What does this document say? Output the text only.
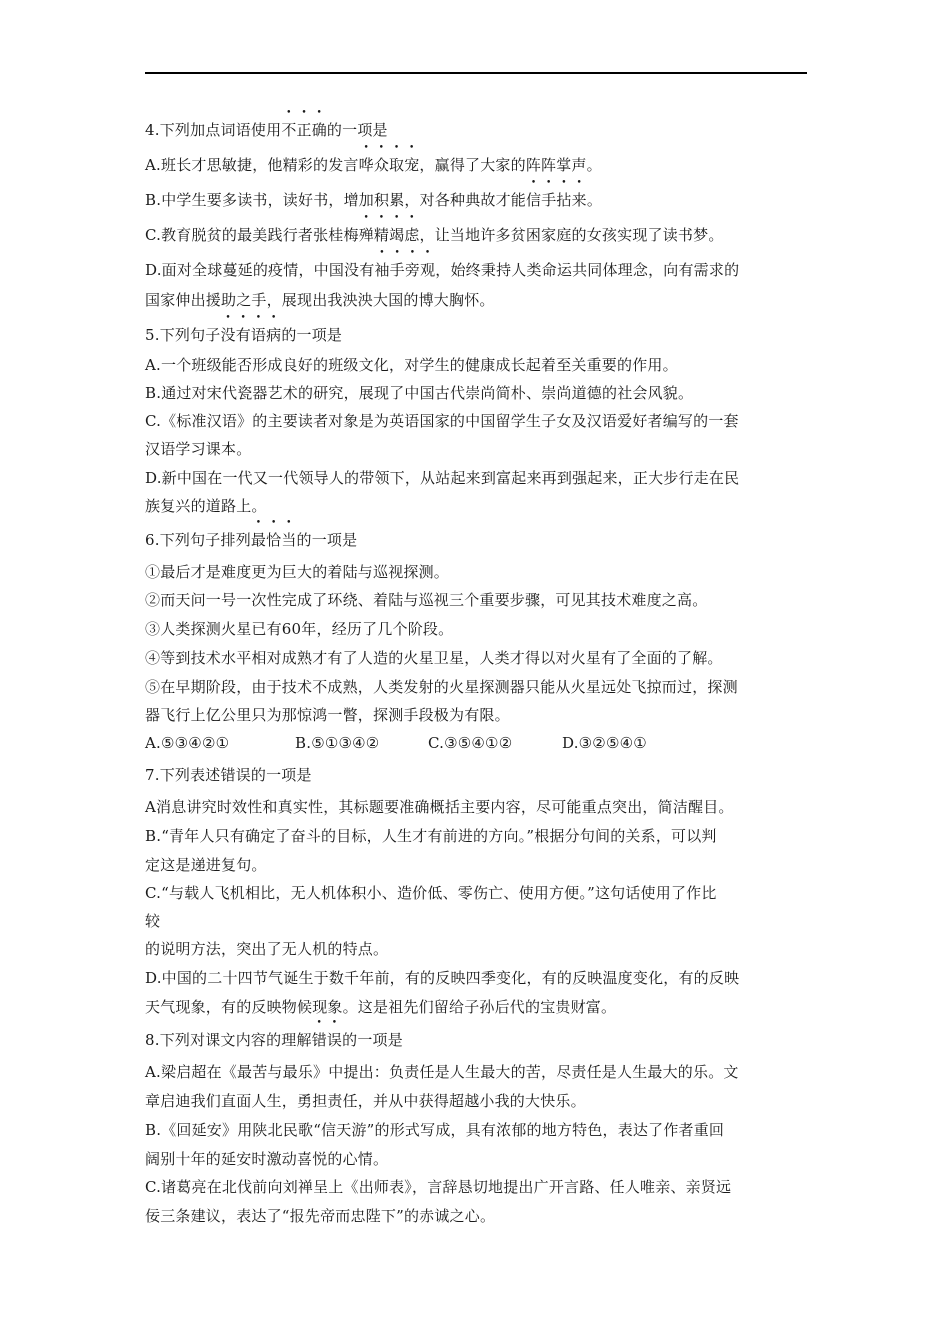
4.下列加点词语使用不正确的一项是
A.班长才思敏捷，他精彩的发言哗众取宠，赢得了大家的阵阵掌声。
B.中学生要多读书，读好书，增加积累，对各种典故才能信手拈来。
C.教育脱贫的最美践行者张桂梅殚精竭虑，让当地许多贫困家庭的女孩实现了读书梦。
D.面对全球蔓延的疫情，中国没有袖手旁观，始终秉持人类命运共同体理念，向有需求的
国家伸出援助之手，展现出我泱泱大国的博大胸怀。
5.下列句子没有语病的一项是
A.一个班级能否形成良好的班级文化，对学生的健康成长起着至关重要的作用。
B.通过对宋代瓷器艺术的研究，展现了中国古代崇尚简朴、崇尚道德的社会风貌。
C.《标准汉语》的主要读者对象是为英语国家的中国留学生子女及汉语爱好者编写的一套
汉语学习课本。
D.新中国在一代又一代领导人的带领下，从站起来到富起来再到强起来，正大步行走在民
族复兴的道路上。
6.下列句子排列最恰当的一项是
①最后才是难度更为巨大的着陆与巡视探测。
②而天问一号一次性完成了环绕、着陆与巡视三个重要步骤，可见其技术难度之高。
③人类探测火星已有60年，经历了几个阶段。
④等到技术水平相对成熟才有了人造的火星卫星，人类才得以对火星有了全面的了解。
⑤在早期阶段，由于技术不成熟，人类发射的火星探测器只能从火星远处飞掠而过，探测
器飞行上亿公里只为那惊鸿一瞥，探测手段极为有限。
A.⑤③④②①	B.⑤①③④②	C.③⑤④①②	D.③②⑤④①
7.下列表述错误的一项是
A消息讲究时效性和真实性，其标题要准确概括主要内容，尽可能重点突出，简洁醒目。
B.“青年人只有确定了奋斗的目标，人生才有前进的方向。”根据分句间的关系，可以判
定这是递进复句。
C.“与载人飞机相比，无人机体积小、造价低、零伤亡、使用方便。”这句话使用了作比
较
的说明方法，突出了无人机的特点。
D.中国的二十四节气诞生于数千年前，有的反映四季变化，有的反映温度变化，有的反映
天气现象，有的反映物候现象。这是祖先们留给子孙后代的宝贵财富。
8.下列对课文内容的理解错误的一项是
A.梁启超在《最苦与最乐》中提出：负责任是人生最大的苦，尽责任是人生最大的乐。文
章启迪我们直面人生，勇担责任，并从中获得超越小我的大快乐。
B.《回延安》用陕北民歌“信天游”的形式写成，具有浓郁的地方特色，表达了作者重回
阔别十年的延安时激动喜悦的心情。
C.诸葛亮在北伐前向刘禅呈上《出师表》，言辞恳切地提出广开言路、任人唯亲、亲贤远
佞三条建议，表达了“报先帝而忠陛下”的赤诚之心。
